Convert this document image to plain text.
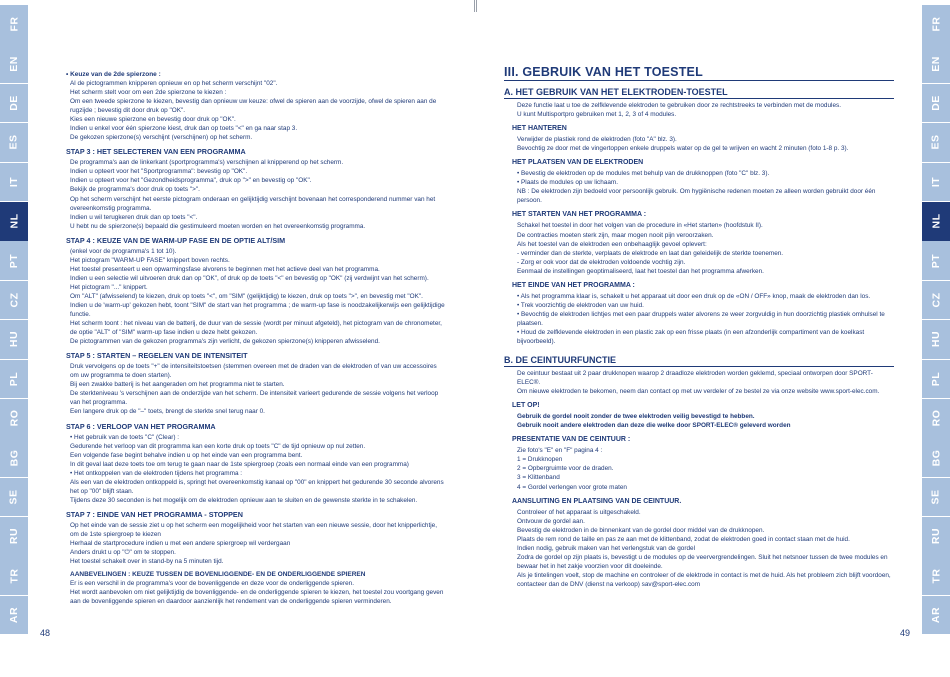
FR
EN
DE
ES
IT
NL
PT
CZ
HU
PL
RO
BG
SE
RU
TR
AR
FR
EN
DE
ES
IT
NL
PT
CZ
HU
PL
RO
BG
SE
RU
TR
AR
48	49
• Keuze van de 2de spierzone :
Al de pictogrammen knipperen opnieuw en op het scherm verschijnt "02".
Het scherm stelt voor om een 2de spierzone te kiezen :
Om een tweede spierzone te kiezen, bevestig dan opnieuw uw keuze: ofwel de spieren aan de voorzijde, ofwel de spieren aan de rugzijde ; bevestig dit door druk op "OK".
Kies een nieuwe spierzone en bevestig door druk op "OK".
Indien u enkel voor één spierzone kiest, druk dan op toets "<" en ga naar stap 3.
De gekozen spierzone(s) verschijnt (verschijnen) op het scherm.
STAP 3 : HET SELECTEREN VAN EEN PROGRAMMA
De programma's aan de linkerkant (sportprogramma's) verschijnen al knipperend op het scherm.
Indien u opteert voor het "Sportprogramma": bevestig op "OK".
Indien u opteert voor het "Gezondheidsprogramma", druk op ">" en bevestig op "OK".
Bekijk de programma's door druk op toets ">".
Op het scherm verschijnt het eerste pictogram onderaan en gelijktijdig verschijnt bovenaan het corresponderend nummer van het overeenkomstig programma.
Indien u wil terugkeren druk dan op toets "<".
U hebt nu de spierzone(s) bepaald die gestimuleerd moeten worden en het overeenkomstig programma.
STAP 4 : KEUZE VAN DE WARM-UP FASE EN DE OPTIE ALT/SIM
(enkel voor de programma's 1 tot 10).
Het pictogram "WARM-UP FASE" knippert boven rechts.
Het toestel presenteert u een opwarmingsfase alvorens te beginnen met het actieve deel van het programma.
Indien u een selectie wil uitvoeren druk dan op "OK", of druk op de toets "<" en bevestig op "OK" (zij verdwijnt van het scherm).
Het pictogram "..." knippert.
Om "ALT" (afwisselend) te kiezen, druk op toets "<", om "SIM" (gelijktijdig) te kiezen, druk op toets ">", en bevestig met "OK".
Indien u de 'warm-up' gekozen hebt, toont "SIM" de start van het programma ; de warm-up fase is noodzakelijkerwijs een gelijktijdige functie.
Het scherm toont : het niveau van de batterij, de duur van de sessie (wordt per minuut afgeteld), het pictogram van de chronometer, de optie "ALT" of "SIM" warm-up fase indien u deze hebt gekozen.
De pictogrammen van de gekozen programma's zijn verlicht, de gekozen spierzone(s) knipperen afwisselend.
STAP 5 : STARTEN – REGELEN VAN DE INTENSITEIT
Druk vervolgens op de toets "+" de intensiteitstoetsen (stemmen overeen met de draden van de elektroden of van uw accessoires om uw programma te doen starten).
Bij een zwakke batterij is het aangeraden om het programma niet te starten.
De sterkteniveau 's verschijnen aan de onderzijde van het scherm. De intensiteit varieert gedurende de sessie volgens het verloop van het programma.
Een langere druk op de "–" toets, brengt de sterkte snel terug naar 0.
STAP 6 : VERLOOP VAN HET PROGRAMMA
• Het gebruik van de toets "C" (Clear) :
Gedurende het verloop van dit programma kan een korte druk op toets "C" de tijd opnieuw op nul zetten.
Een volgende fase begint behalve indien u op het einde van een programma bent.
In dit geval laat deze toets toe om terug te gaan naar de 1ste spiergroep (zoals een normaal einde van een programma)
• Het ontkoppelen van de elektroden tijdens het programma :
Als een van de elektroden ontkoppeld is, springt het overeenkomstig kanaal op "00" en knippert het gedurende 30 seconde alvorens het op "00" blijft staan.
Tijdens deze 30 seconden is het mogelijk om de elektroden opnieuw aan te sluiten en de gewenste sterkte in te schakelen.
STAP 7 : EINDE VAN HET PROGRAMMA - STOPPEN
Op het einde van de sessie ziet u op het scherm een mogelijkheid voor het starten van een nieuwe sessie, door het knipperlichtje, om de 1ste spiergroep te kiezen
Herhaal de startprocedure indien u met een andere spiergroep wil verdergaan
Anders drukt u op "⏻" om te stoppen.
Het toestel schakelt over in stand-by na 5 minuten tijd.
AANBEVELINGEN : KEUZE TUSSEN DE BOVENLIGGENDE- EN DE ONDERLIGGENDE SPIEREN
Er is een verschil in de programma's voor de bovenliggende en deze voor de onderliggende spieren.
Het wordt aanbevolen om niet gelijktijdig de bovenliggende- en de onderliggende spieren te kiezen, het toestel zou voortgang geven aan de bovenliggende spieren en daardoor aanzienlijk het rendement van de onderliggende spieren verminderen.
III. GEBRUIK VAN HET TOESTEL
A. HET GEBRUIK VAN HET ELEKTRODEN-TOESTEL
Deze functie laat u toe de zelfklevende elektroden te gebruiken door ze rechtstreeks te verbinden met de modules.
U kunt Multisportpro gebruiken met 1, 2, 3 of 4 modules.
HET HANTEREN
Verwijder de plastiek rond de elektroden (foto "A" blz. 3).
Bevochtig ze door met de vingertoppen enkele druppels water op de gel te wrijven en wacht 2 minuten (foto 1-8 p. 3).
HET PLAATSEN VAN DE ELEKTRODEN
• Bevestig de elektroden op de modules met behulp van de drukknoppen (foto "C" blz. 3).
• Plaats de modules op uw lichaam.
NB : De elektroden zijn bedoeld voor persoonlijk gebruik. Om hygiënische redenen moeten ze alleen worden gebruikt door één persoon.
HET STARTEN VAN HET PROGRAMMA :
Schakel het toestel in door het volgen van de procedure in «Het starten» (hoofdstuk II).
De contracties moeten sterk zijn, maar mogen nooit pijn veroorzaken.
Als het toestel van de elektroden een onbehaaglijk gevoel oplevert:
- verminder dan de sterkte, verplaats de elektrode en laat dan geleidelijk de sterkte toenemen.
- Zorg er ook voor dat de elektroden voldoende vochtig zijn.
Eenmaal de instellingen geoptimaliseerd, laat het toestel dan het programma afwerken.
HET EINDE VAN HET PROGRAMMA :
• Als het programma klaar is, schakelt u het apparaat uit door een druk op de «ON / OFF» knop, maak de elektroden dan los.
• Trek voorzichtig de elektroden van uw huid.
• Bevochtig de elektroden lichtjes met een paar druppels water alvorens ze weer zorgvuldig in hun doorzichtig plastiek omhulsel te plaatsen.
• Houd de zelfklevende elektroden in een plastic zak op een frisse plaats (in een afzonderlijk compartiment van de koelkast bijvoorbeeld).
B. DE CEINTUURFUNCTIE
De ceintuur bestaat uit 2 paar drukknopen waarop 2 draadloze elektroden worden geklemd, speciaal ontworpen door SPORT-ELEC®.
Om nieuwe elektroden te bekomen, neem dan contact op met uw verdeler of ze bestel ze via onze website www.sport-elec.com.
LET OP!
Gebruik de gordel nooit zonder de twee elektroden veilig bevestigd te hebben.
Gebruik nooit andere elektroden dan deze die welke door SPORT-ELEC® geleverd worden
PRESENTATIE VAN DE CEINTUUR :
Zie foto's "E" en "F" pagina 4 :
1 = Drukknopen
2 = Opbergruimte voor de draden.
3 = Klittenband
4 = Gordel verlengen voor grote maten
AANSLUITING EN PLAATSING VAN DE CEINTUUR.
Controleer of het apparaat is uitgeschakeld.
Ontvouw de gordel aan.
Bevestig de elektroden in de binnenkant van de gordel door middel van de drukknopen.
Plaats de rem rond de taille en pas ze aan met de klittenband, zodat de elektroden goed in contact staan met de huid.
Indien nodig, gebruik maken van het verlengstuk van de gordel
Zodra de gordel op zijn plaats is, bevestigt u de modules op de veervergrendelingen. Sluit het netsnoer tussen de twee modules en bewaar het in het zakje voorzien voor dit doeleinde.
Als je tintelingen voelt, stop de machine en controleer of de elektrode in contact is met de huid. Als het probleem zich blijft voordoen, contacteer dan de DNV (dienst na verkoop) sav@sport-elec.com
